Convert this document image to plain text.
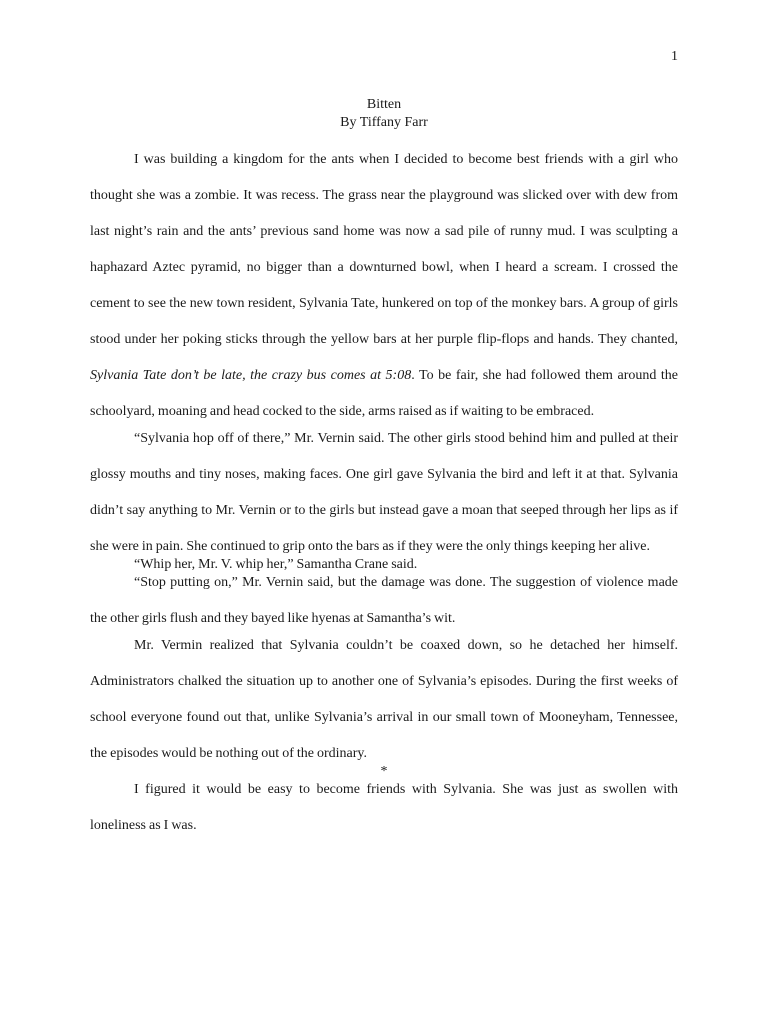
1
Bitten
By Tiffany Farr

I was building a kingdom for the ants when I decided to become best friends with a girl who thought she was a zombie. It was recess. The grass near the playground was slicked over with dew from last night’s rain and the ants’ previous sand home was now a sad pile of runny mud. I was sculpting a haphazard Aztec pyramid, no bigger than a downturned bowl, when I heard a scream. I crossed the cement to see the new town resident, Sylvania Tate, hunkered on top of the monkey bars. A group of girls stood under her poking sticks through the yellow bars at her purple flip-flops and hands. They chanted, Sylvania Tate don’t be late, the crazy bus comes at 5:08. To be fair, she had followed them around the schoolyard, moaning and head cocked to the side, arms raised as if waiting to be embraced.

“Sylvania hop off of there,” Mr. Vernin said. The other girls stood behind him and pulled at their glossy mouths and tiny noses, making faces. One girl gave Sylvania the bird and left it at that. Sylvania didn’t say anything to Mr. Vernin or to the girls but instead gave a moan that seeped through her lips as if she were in pain. She continued to grip onto the bars as if they were the only things keeping her alive.

“Whip her, Mr. V. whip her,” Samantha Crane said.

“Stop putting on,” Mr. Vernin said, but the damage was done. The suggestion of violence made the other girls flush and they bayed like hyenas at Samantha’s wit.

Mr. Vermin realized that Sylvania couldn’t be coaxed down, so he detached her himself. Administrators chalked the situation up to another one of Sylvania’s episodes. During the first weeks of school everyone found out that, unlike Sylvania’s arrival in our small town of Mooneyham, Tennessee, the episodes would be nothing out of the ordinary.

*

I figured it would be easy to become friends with Sylvania. She was just as swollen with loneliness as I was.
